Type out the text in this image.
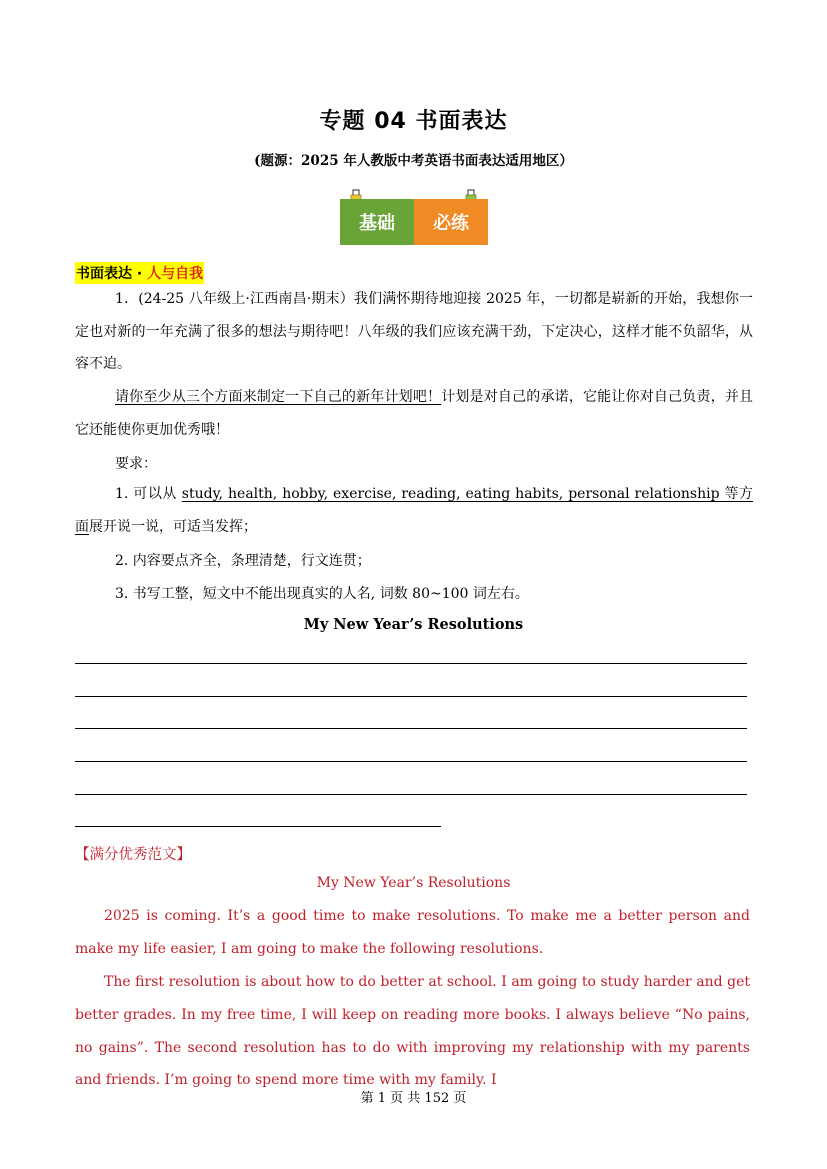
专题 04 书面表达
(题源：2025 年人教版中考英语书面表达适用地区）
基础	必练
书面表达 · 人与自我
1．(24-25 八年级上·江西南昌·期末）我们满怀期待地迎接 2025 年，一切都是崭新的开始，我想你一定也对新的一年充满了很多的想法与期待吧！八年级的我们应该充满干劲，下定决心，这样才能不负韶华，从容不迫。
请你至少从三个方面来制定一下自己的新年计划吧！计划是对自己的承诺，它能让你对自己负责，并且它还能使你更加优秀哦！
要求：
1. 可以从 study, health, hobby, exercise, reading, eating habits, personal relationship 等方面展开说一说，可适当发挥；
2. 内容要点齐全，条理清楚，行文连贯；
3. 书写工整，短文中不能出现真实的人名, 词数 80~100 词左右。
My New Year’s Resolutions
【满分优秀范文】
My New Year’s Resolutions
2025 is coming. It’s a good time to make resolutions. To make me a better person and make my life easier, I am going to make the following resolutions.
The first resolution is about how to do better at school. I am going to study harder and get better grades. In my free time, I will keep on reading more books. I always believe “No pains, no gains”. The second resolution has to do with improving my relationship with my parents and friends. I’m going to spend more time with my family. I
第 1 页 共 152 页
